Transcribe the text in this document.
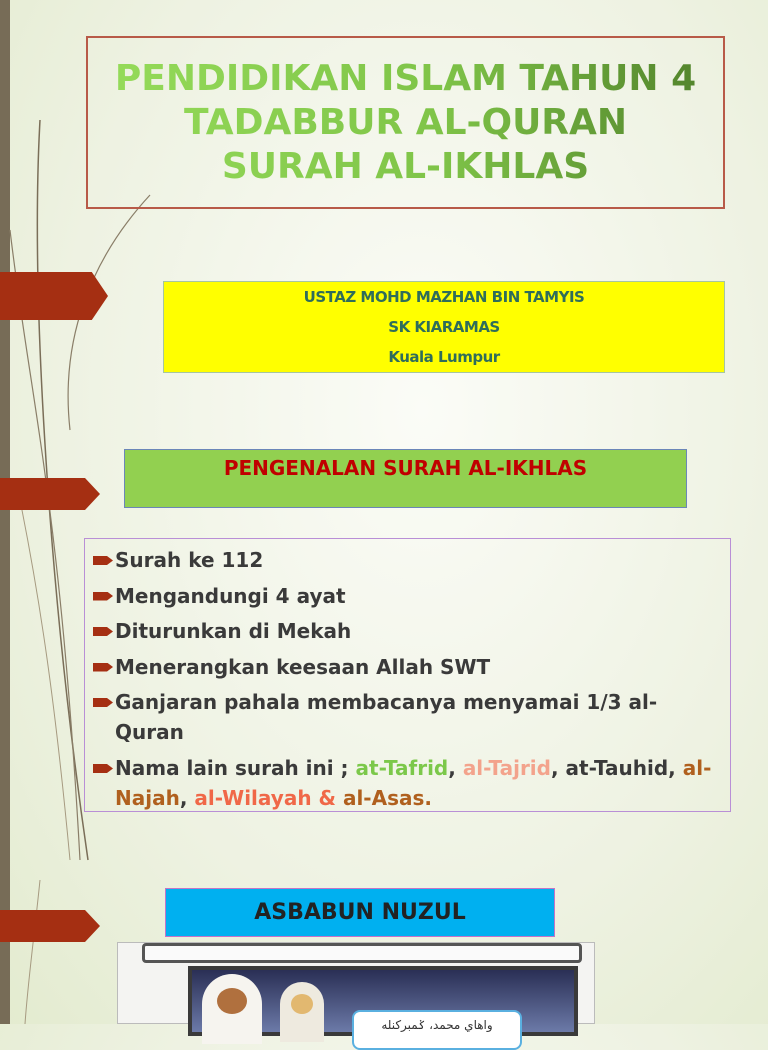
PENDIDIKAN ISLAM TAHUN 4
TADABBUR AL-QURAN
SURAH AL-IKHLAS
USTAZ MOHD MAZHAN BIN TAMYIS
SK KIARAMAS
Kuala Lumpur
PENGENALAN SURAH AL-IKHLAS
Surah ke 112
Mengandungi 4 ayat
Diturunkan di Mekah
Menerangkan keesaan Allah SWT
Ganjaran pahala membacanya menyamai 1/3 al-Quran
Nama lain surah ini ; at-Tafrid, al-Tajrid, at-Tauhid, al-Najah, al-Wilayah & al-Asas.
ASBABUN NUZUL
واهاي محمد، ݢمبركنله
